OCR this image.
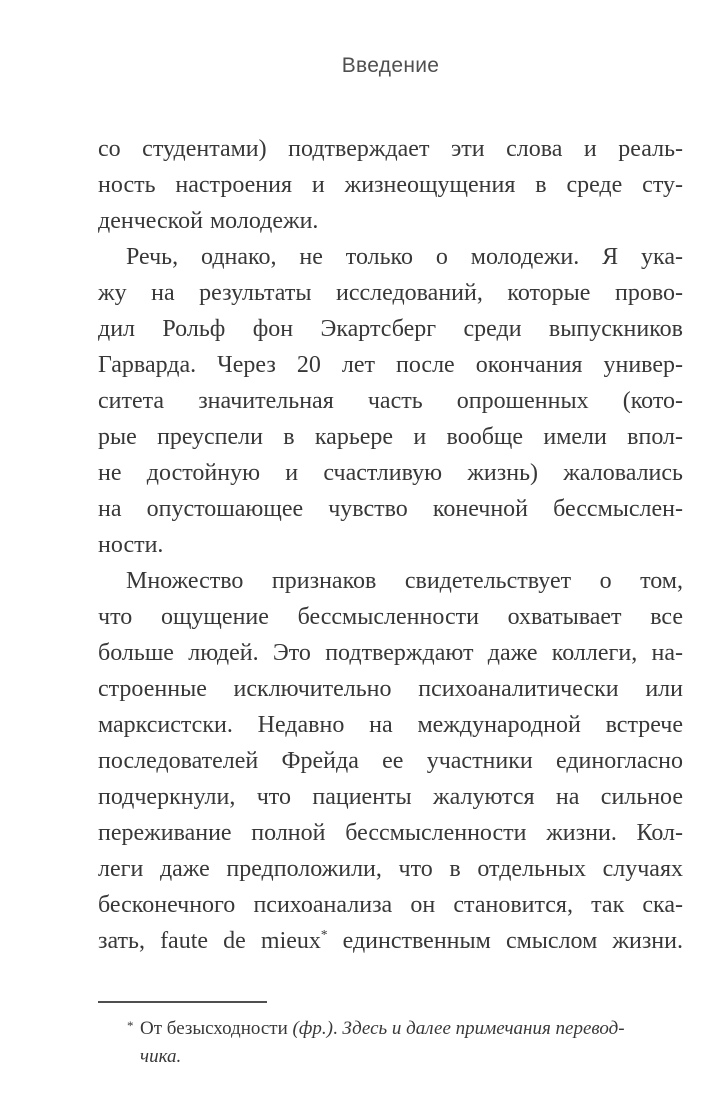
Введение
со студентами) подтверждает эти слова и реаль-
ность настроения и жизнеощущения в среде сту-
денческой молодежи.
Речь, однако, не только о молодежи. Я ука-
жу на результаты исследований, которые прово-
дил Рольф фон Экартсберг среди выпускников
Гарварда. Через 20 лет после окончания универ-
ситета значительная часть опрошенных (кото-
рые преуспели в карьере и вообще имели впол-
не достойную и счастливую жизнь) жаловались
на опустошающее чувство конечной бессмыслен-
ности.
Множество признаков свидетельствует о том,
что ощущение бессмысленности охватывает все
больше людей. Это подтверждают даже коллеги, на-
строенные исключительно психоаналитически или
марксистски. Недавно на международной встрече
последователей Фрейда ее участники единогласно
подчеркнули, что пациенты жалуются на сильное
переживание полной бессмысленности жизни. Кол-
леги даже предположили, что в отдельных случаях
бесконечного психоанализа он становится, так ска-
зать, faute de mieux* единственным смыслом жизни.
* От безысходности (фр.). Здесь и далее примечания перевод-
чика.
